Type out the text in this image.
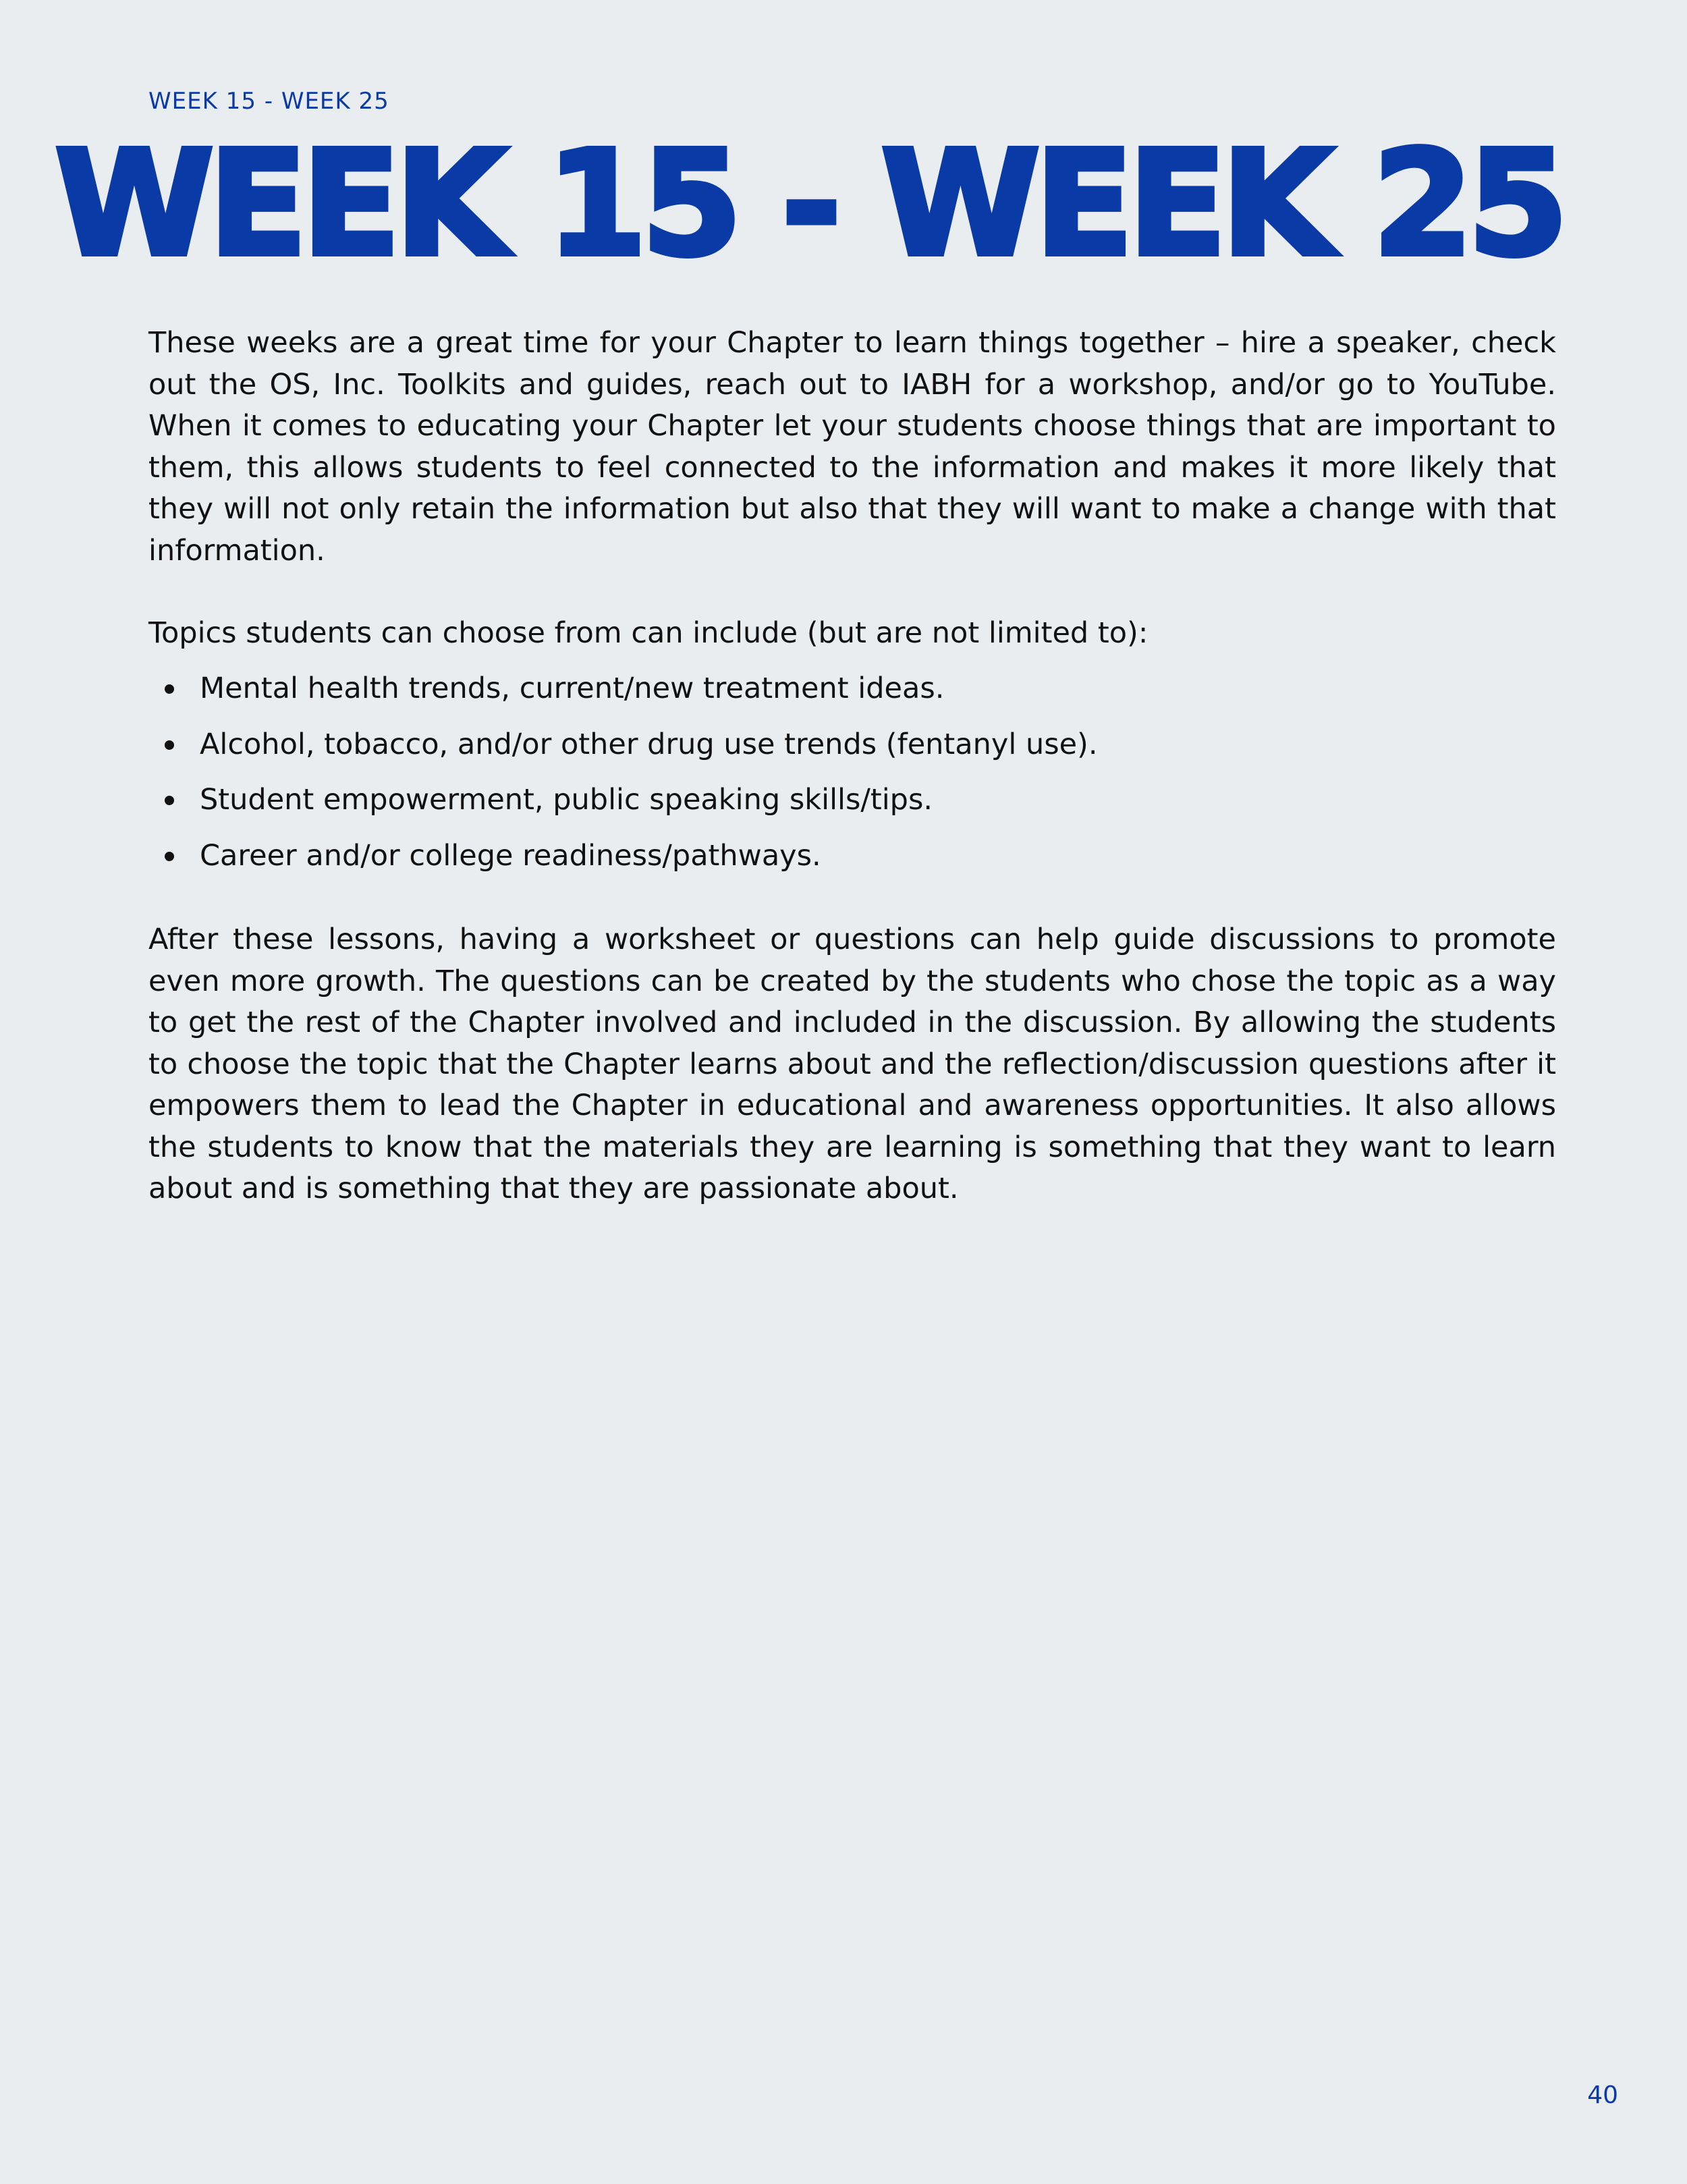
WEEK 15 - WEEK 25
WEEK 15 - WEEK 25

These weeks are a great time for your Chapter to learn things together – hire a speaker, check out the OS, Inc. Toolkits and guides, reach out to IABH for a workshop, and/or go to YouTube. When it comes to educating your Chapter let your students choose things that are important to them, this allows students to feel connected to the information and makes it more likely that they will not only retain the information but also that they will want to make a change with that information.

Topics students can choose from can include (but are not limited to):

Mental health trends, current/new treatment ideas.
Alcohol, tobacco, and/or other drug use trends (fentanyl use).
Student empowerment, public speaking skills/tips.
Career and/or college readiness/pathways.

After these lessons, having a worksheet or questions can help guide discussions to promote even more growth. The questions can be created by the students who chose the topic as a way to get the rest of the Chapter involved and included in the discussion. By allowing the students to choose the topic that the Chapter learns about and the reflection/discussion questions after it empowers them to lead the Chapter in educational and awareness opportunities. It also allows the students to know that the materials they are learning is something that they want to learn about and is something that they are passionate about.

40
